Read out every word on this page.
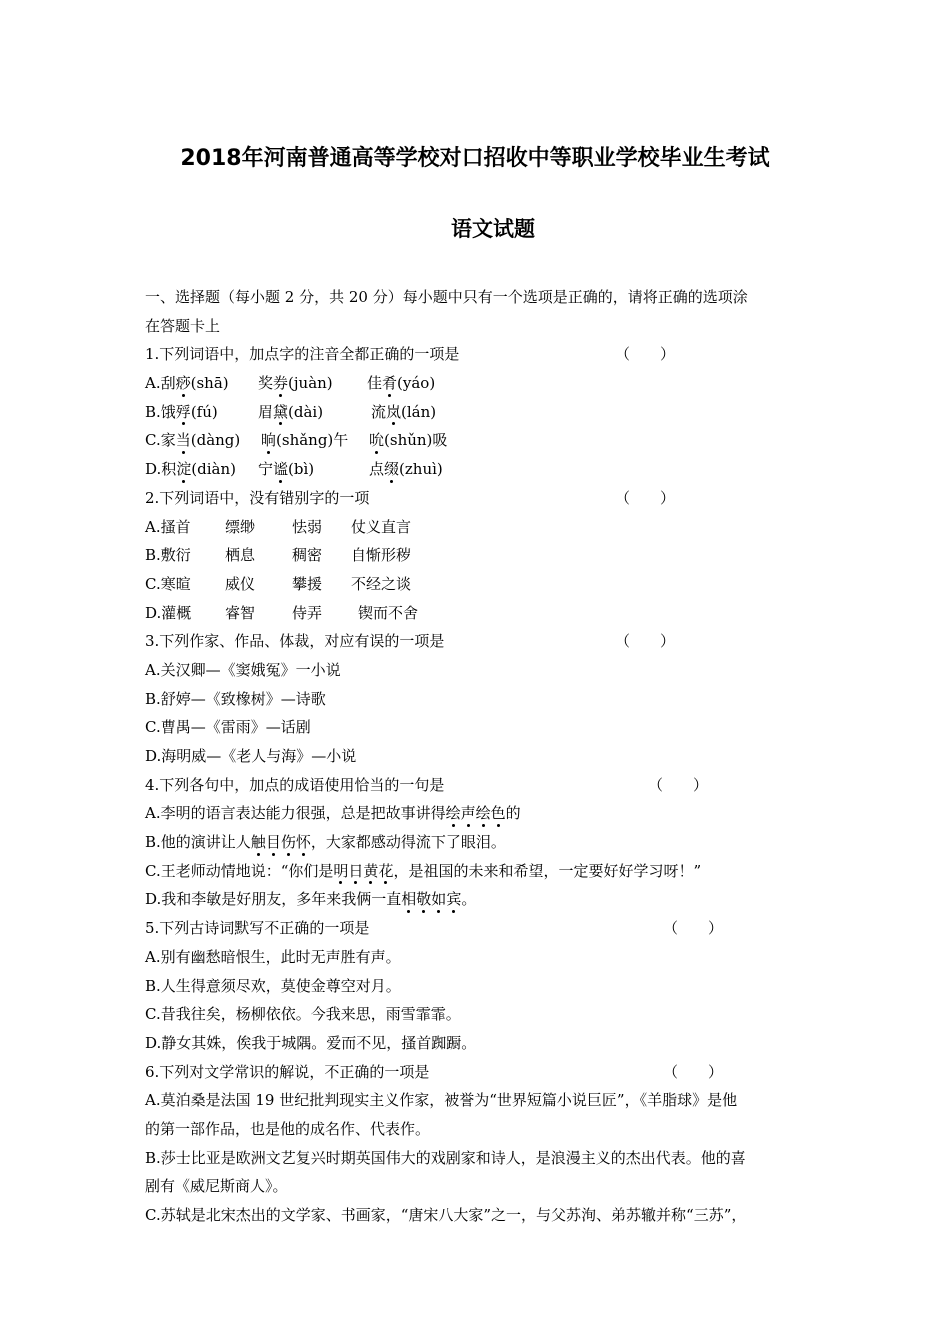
2018年河南普通高等学校对口招收中等职业学校毕业生考试
语文试题
一、选择题（每小题 2 分，共 20 分）每小题中只有一个选项是正确的，请将正确的选项涂
在答题卡上
1.下列词语中，加点字的注音全都正确的一项是	（　　）
A.刮痧(shā) 奖券(juàn) 佳肴(yáo)
B.饿殍(fú)	眉黛(dài)	流岚(lán)
C.家当(dàng) 晌(shǎng)午 吮(shǔn)吸
D.积淀(diàn) 宁谧(bì)	点缀(zhuì)
2.下列词语中，没有错别字的一项	（　　）
A.搔首 缥缈 怯弱 仗义直言
B.敷衍 栖息 稠密 自惭形秽
C.寒暄 威仪 攀援 不经之谈
D.灌概 睿智 侍弄 锲而不舍
3.下列作家、作品、体裁，对应有误的一项是	（　　）
A.关汉卿—《窦娥冤》一小说
B.舒婷—《致橡树》—诗歌
C.曹禺—《雷雨》—话剧
D.海明威—《老人与海》—小说
4.下列各句中，加点的成语使用恰当的一句是	（　　）
A.李明的语言表达能力很强，总是把故事讲得绘声绘色的
B.他的演讲让人触目伤怀，大家都感动得流下了眼泪。
C.王老师动情地说：“你们是明日黄花，是祖国的未来和希望，一定要好好学习呀！”
D.我和李敏是好朋友，多年来我俩一直相敬如宾。
5.下列古诗词默写不正确的一项是	（　　）
A.别有幽愁暗恨生，此时无声胜有声。
B.人生得意须尽欢，莫使金尊空对月。
C.昔我往矣，杨柳依依。今我来思，雨雪霏霏。
D.静女其姝，俟我于城隅。爱而不见，搔首踟蹰。
6.下列对文学常识的解说，不正确的一项是	（　　）
A.莫泊桑是法国 19 世纪批判现实主义作家，被誉为“世界短篇小说巨匠”，《羊脂球》是他
的第一部作品，也是他的成名作、代表作。
B.莎士比亚是欧洲文艺复兴时期英国伟大的戏剧家和诗人，是浪漫主义的杰出代表。他的喜
剧有《威尼斯商人》。
C.苏轼是北宋杰出的文学家、书画家，“唐宋八大家”之一，与父苏洵、弟苏辙并称“三苏”，
